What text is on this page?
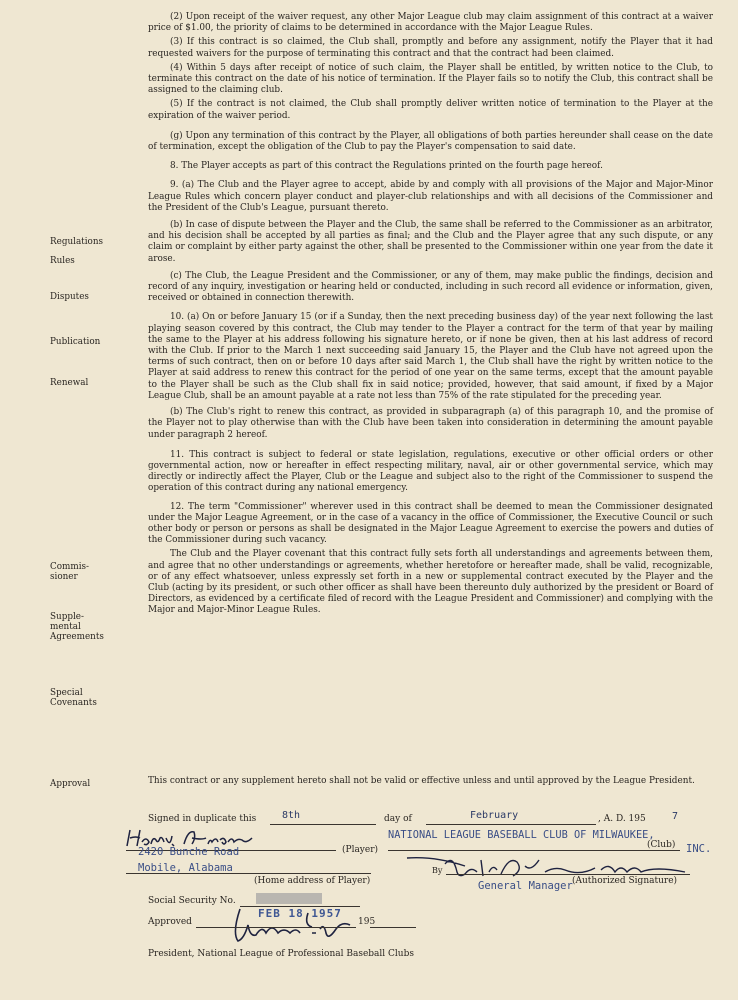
(2) Upon receipt of the waiver request, any other Major League club may claim assignment of this contract at a waiver price of $1.00, the priority of claims to be determined in accordance with the Major League Rules.

(3) If this contract is so claimed, the Club shall, promptly and before any assignment, notify the Player that it had requested waivers for the purpose of terminating this contract and that the contract had been claimed.

(4) Within 5 days after receipt of notice of such claim, the Player shall be entitled, by written notice to the Club, to terminate this contract on the date of his notice of termination. If the Player fails so to notify the Club, this contract shall be assigned to the claiming club.

(5) If the contract is not claimed, the Club shall promptly deliver written notice of termination to the Player at the expiration of the waiver period.

(g) Upon any termination of this contract by the Player, all obligations of both parties hereunder shall cease on the date of termination, except the obligation of the Club to pay the Player's compensation to said date.

8. The Player accepts as part of this contract the Regulations printed on the fourth page hereof.

9. (a) The Club and the Player agree to accept, abide by and comply with all provisions of the Major and Major-Minor League Rules which concern player conduct and player-club relationships and with all decisions of the Commissioner and the President of the Club's League, pursuant thereto.

(b) In case of dispute between the Player and the Club, the same shall be referred to the Commissioner as an arbitrator, and his decision shall be accepted by all parties as final; and the Club and the Player agree that any such dispute, or any claim or complaint by either party against the other, shall be presented to the Commissioner within one year from the date it arose.

(c) The Club, the League President and the Commissioner, or any of them, may make public the findings, decision and record of any inquiry, investigation or hearing held or conducted, including in such record all evidence or information, given, received or obtained in connection therewith.

10. (a) On or before January 15 (or if a Sunday, then the next preceding business day) of the year next following the last playing season covered by this contract, the Club may tender to the Player a contract for the term of that year by mailing the same to the Player at his address following his signature hereto, or if none be given, then at his last address of record with the Club. If prior to the March 1 next succeeding said January 15, the Player and the Club have not agreed upon the terms of such contract, then on or before 10 days after said March 1, the Club shall have the right by written notice to the Player at said address to renew this contract for the period of one year on the same terms, except that the amount payable to the Player shall be such as the Club shall fix in said notice; provided, however, that said amount, if fixed by a Major League Club, shall be an amount payable at a rate not less than 75% of the rate stipulated for the preceding year.

(b) The Club's right to renew this contract, as provided in subparagraph (a) of this paragraph 10, and the promise of the Player not to play otherwise than with the Club have been taken into consideration in determining the amount payable under paragraph 2 hereof.

11. This contract is subject to federal or state legislation, regulations, executive or other official orders or other governmental action, now or hereafter in effect respecting military, naval, air or other governmental service, which may directly or indirectly affect the Player, Club or the League and subject also to the right of the Commissioner to suspend the operation of this contract during any national emergency.

12. The term "Commissioner" wherever used in this contract shall be deemed to mean the Commissioner designated under the Major League Agreement, or in the case of a vacancy in the office of Commissioner, the Executive Council or such other body or person or persons as shall be designated in the Major League Agreement to exercise the powers and duties of the Commissioner during such vacancy.

The Club and the Player covenant that this contract fully sets forth all understandings and agreements between them, and agree that no other understandings or agreements, whether heretofore or hereafter made, shall be valid, recognizable, or of any effect whatsoever, unless expressly set forth in a new or supplemental contract executed by the Player and the Club (acting by its president, or such other officer as shall have been thereunto duly authorized by the president or Board of Directors, as evidenced by a certificate filed of record with the League President and Commissioner) and complying with the Major and Major-Minor League Rules.

Regulations
Rules
Disputes
Publication
Renewal
Commis-
sioner
Supple-
mental
Agreements
Special
Covenants
Approval	This contract or any supplement hereto shall not be valid or effective unless and until approved by the League President.
Signed in duplicate this	8th	day of	February	, A. D. 195	7
(Player)
NATIONAL LEAGUE BASEBALL CLUB OF MILWAUKEE,
(Club) INC.
2420 Bunche Road
Mobile, Alabama
(Home address of Player)
By
(Authorized Signature)
General Manager
Social Security No.
Approved
FEB 18 1957
195
President, National League of Professional Baseball Clubs
